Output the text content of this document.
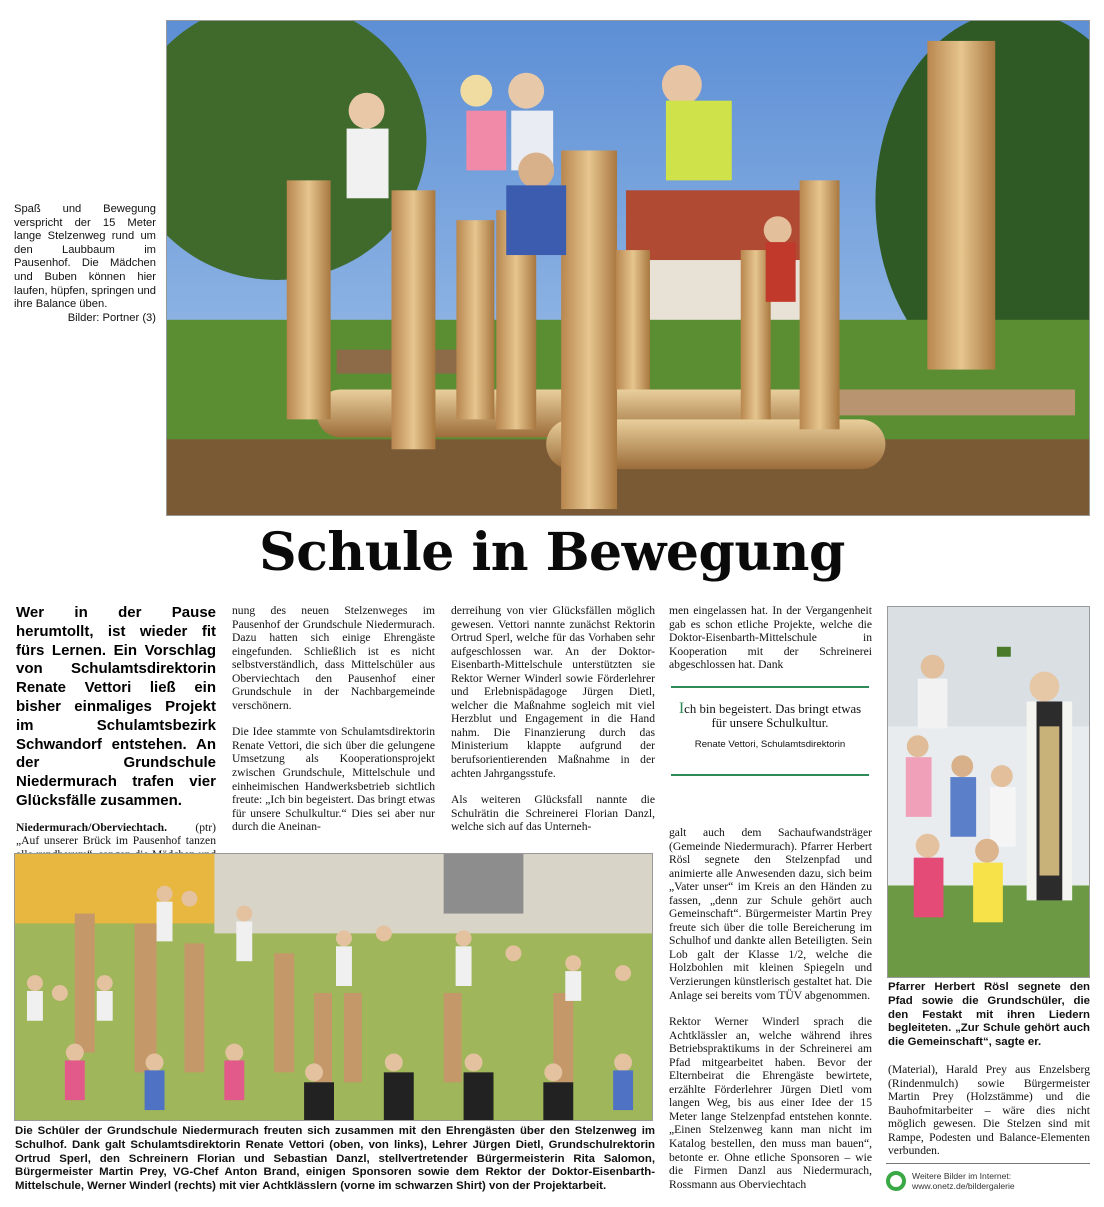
Spaß und Bewegung verspricht der 15 Meter lange Stelzenweg rund um den Laubbaum im Pausenhof. Die Mädchen und Buben können hier laufen, hüpfen, springen und ihre Balance üben.
Bilder: Portner (3)
Schule in Bewegung

Wer in der Pause herumtollt, ist wieder fit fürs Lernen. Ein Vorschlag von Schulamtsdirektorin Renate Vettori ließ ein bisher einmaliges Projekt im Schulamtsbezirk Schwandorf entstehen. An der Grundschule Niedermurach trafen vier Glücksfälle zusammen.

Niedermurach/Oberviechtach. (ptr) „Auf unserer Brück im Pausenhof tanzen

nung des neuen Stelzenweges im Pausenhof der Grundschule Niedermurach. Dazu hatten sich einige Ehrengäste eingefunden. Schließlich ist es nicht selbstverständlich, dass Mittelschüler aus Oberviechtach den Pausenhof einer Grundschule in der Nachbargemeinde verschönern.

Die Idee stammte von Schulamtsdirektorin Renate Vettori, die sich über die gelungene Umsetzung als Kooperationsprojekt zwischen Grundschule, Mittelschule und einheimischen Handwerksbetrieb sichtlich freute: „Ich bin begeistert. Das bringt etwas für unsere Schulkultur.“ Dies sei aber nur durch die Aneinan-

derreihung von vier Glücksfällen möglich gewesen. Vettori nannte zunächst Rektorin Ortrud Sperl, welche für das Vorhaben sehr aufgeschlossen war. An der Doktor-Eisenbarth-Mittelschule unterstützten sie Rektor Werner Winderl sowie Förderlehrer und Erlebnispädagoge Jürgen Dietl, welcher die Maßnahme sogleich mit viel Herzblut und Engagement in die Hand nahm. Die Finanzierung durch das Ministerium klappte aufgrund der berufsorientierenden Maßnahme in der achten Jahrgangsstufe.

Als weiteren Glücksfall nannte die Schulrätin die Schreinerei Florian Danzl, welche sich auf das Unterneh-

men eingelassen hat. In der Vergangenheit gab es schon etliche Projekte, welche die Doktor-Eisenbarth-Mittelschule in Kooperation mit der Schreinerei abgeschlossen hat. Dank

Ich bin begeistert. Das bringt etwas für unsere Schulkultur.
Renate Vettori, Schulamtsdirektorin

galt auch dem Sachaufwandsträger (Gemeinde Niedermurach). Pfarrer Herbert Rösl segnete den Stelzenpfad und animierte alle Anwesenden dazu, sich beim „Vater unser“ im Kreis an den Händen zu fassen, „denn zur Schule gehört auch Gemeinschaft“. Bürgermeister Martin Prey freute sich über die tolle Bereicherung im Schulhof und dankte allen Beteiligten. Sein Lob galt der Klasse 1/2, welche die Holzbohlen mit kleinen Spiegeln und Verzierungen künstlerisch gestaltet hat. Die Anlage sei bereits vom TÜV abgenommen.

Rektor Werner Winderl sprach die Achtklässler an, welche während ihres Betriebspraktikums in der Schreinerei am Pfad mitgearbeitet haben. Bevor der Elternbeirat die Ehrengäste bewirtete, erzählte Förderlehrer Jürgen Dietl vom langen Weg, bis aus einer Idee der 15 Meter lange Stelzenpfad entstehen konnte. „Einen Stelzenweg kann man nicht im Katalog bestellen, den muss man bauen“, betonte er. Ohne etliche Sponsoren – wie die Firmen Danzl aus Niedermurach, Rossmann aus Oberviechtach

Pfarrer Herbert Rösl segnete den Pfad sowie die Grundschüler, die den Festakt mit ihren Liedern begleiteten. „Zur Schule gehört auch die Gemeinschaft“, sagte er.

(Material), Harald Prey aus Enzelsberg (Rindenmulch) sowie Bürgermeister Martin Prey (Holzstämme) und die Bauhofmitarbeiter – wäre dies nicht möglich gewesen. Die Stelzen sind mit Rampe, Podesten und Balance-Elementen verbunden.

Weitere Bilder im Internet:
www.onetz.de/bildergalerie
Die Schüler der Grundschule Niedermurach freuten sich zusammen mit den Ehrengästen über den Stelzenweg im Schulhof. Dank galt Schulamtsdirektorin Renate Vettori (oben, von links), Lehrer Jürgen Dietl, Grundschulrektorin Ortrud Sperl, den Schreinern Florian und Sebastian Danzl, stellvertretender Bürgermeisterin Rita Salomon, Bürgermeister Martin Prey, VG-Chef Anton Brand, einigen Sponsoren sowie dem Rektor der Doktor-Eisenbarth-Mittelschule, Werner Winderl (rechts) mit vier Achtklässlern (vorne im schwarzen Shirt) von der Projektarbeit.
